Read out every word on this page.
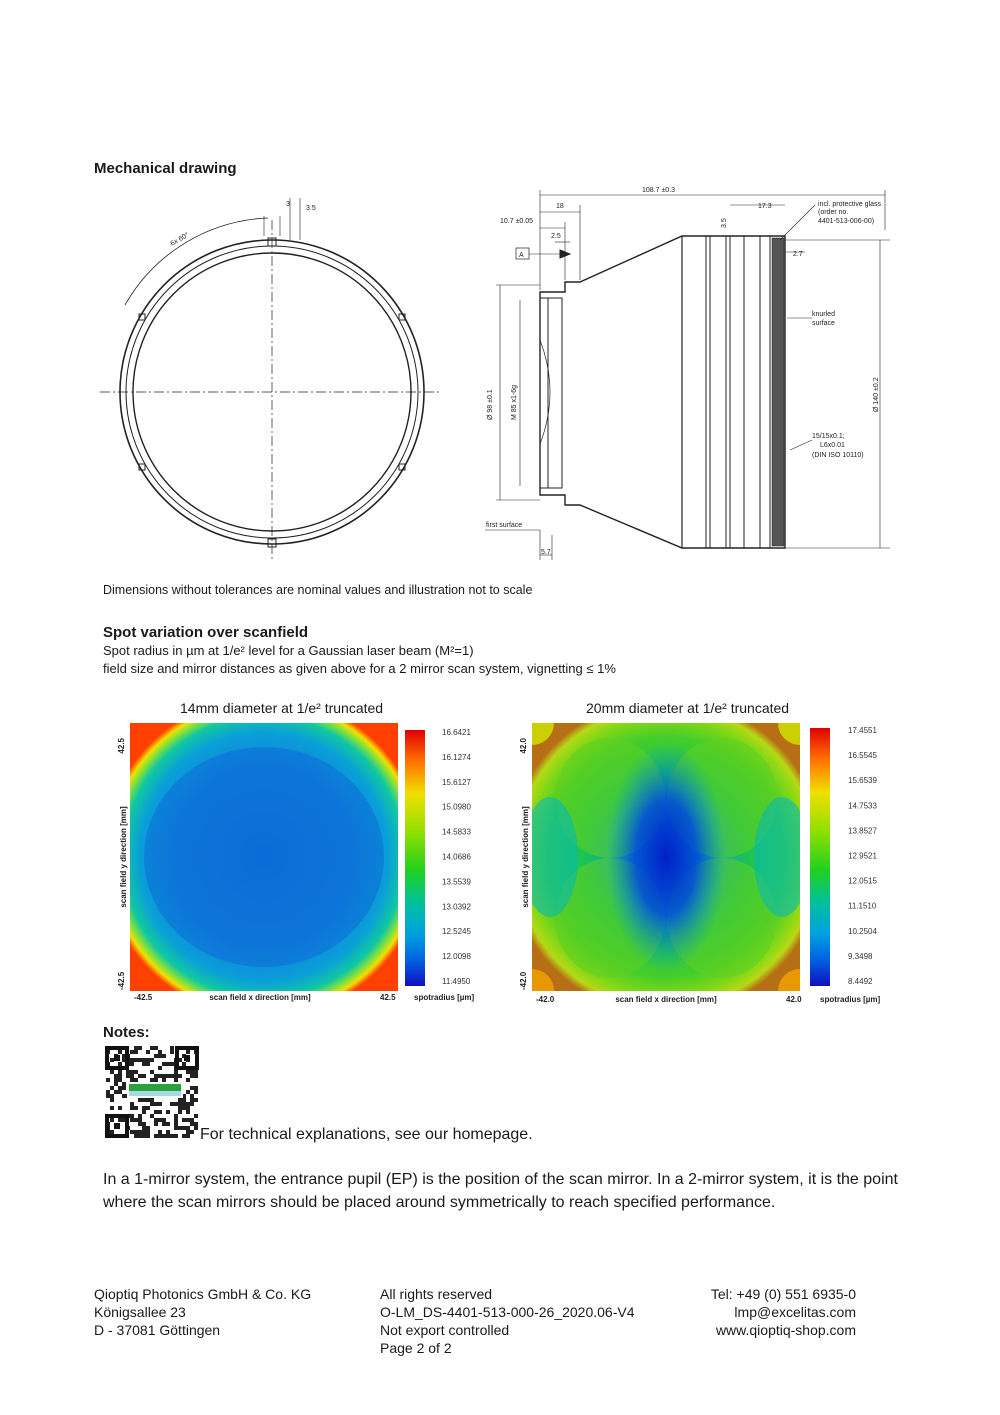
Mechanical drawing
3
3.5
6x 60°
108.7 ±0.3
18
10.7 ±0.05
2.5
A
17.3
3.5
2.7
incl. protective glass
(order no.
4401-513-006-00)
knurled
surface
Ø 98 ±0.1 M 85 x1-6g	Ø 140 ±0.2
15/15x0.1;
L6x0.01
(DIN ISO 10110)
first surface
5.7
Dimensions without tolerances are nominal values and illustration not to scale
Spot variation over scanfield
Spot radius in µm at 1/e² level for a Gaussian laser beam (M²=1)
field size and mirror distances as given above for a 2 mirror scan system, vignetting ≤ 1%
14mm diameter at 1/e² truncated
16.6421
16.1274
15.6127
15.0980
14.5833
14.0686
13.5539
13.0392
12.5245
12.0098
11.4950
42.5
-42.5
scan field y direction [mm]
-42.5	42.5
scan field x direction [mm]	spotradius [µm]
20mm diameter at 1/e² truncated
17.4551
16.5545
15.6539
14.7533
13.8527
12.9521
12.0515
11.1510
10.2504
9.3498
8.4492
42.0
-42.0
scan field y direction [mm]
-42.0	42.0
scan field x direction [mm]	spotradius [µm]
Notes:
For technical explanations, see our homepage.
In a 1-mirror system, the entrance pupil (EP) is the position of the scan mirror. In a 2-mirror system, it is the point where the scan mirrors should be placed around symmetrically to reach specified performance.
Qioptiq Photonics GmbH & Co. KG
Königsallee 23
D - 37081 Göttingen
All rights reserved
O-LM_DS-4401-513-000-26_2020.06-V4
Not export controlled
Page 2 of 2
Tel: +49 (0) 551 6935-0
lmp@excelitas.com
www.qioptiq-shop.com
